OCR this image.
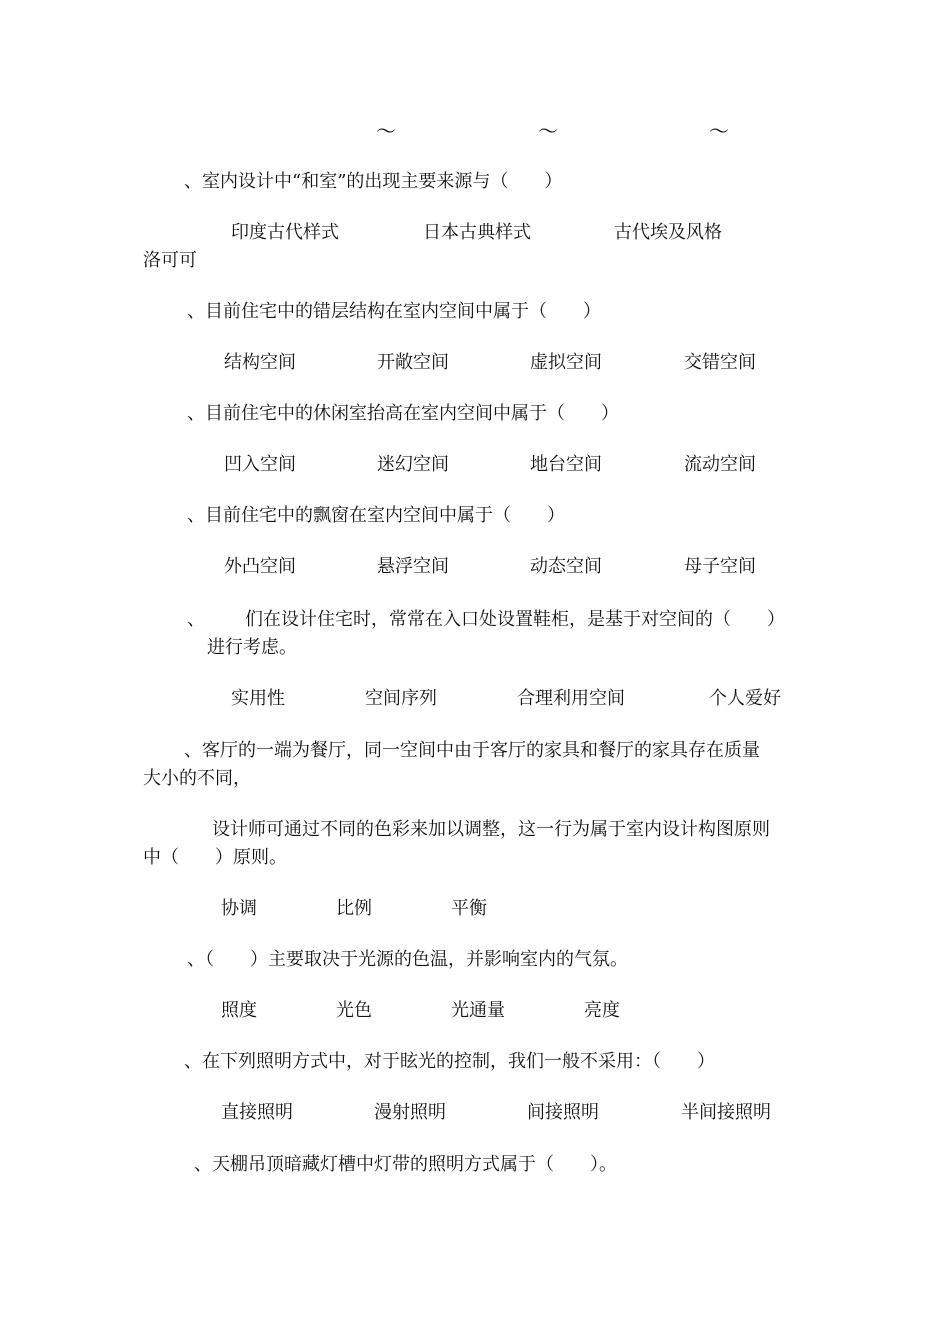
～	～	～
、室内设计中“和室”的出现主要来源与（　　）
印度古代样式	日本古典样式	古代埃及风格
洛可可
、目前住宅中的错层结构在室内空间中属于（　　）
结构空间	开敞空间	虚拟空间	交错空间
、目前住宅中的休闲室抬高在室内空间中属于（　　）
凹入空间	迷幻空间	地台空间	流动空间
、目前住宅中的飘窗在室内空间中属于（　　）
外凸空间	悬浮空间	动态空间	母子空间
、 们在设计住宅时，常常在入口处设置鞋柜，是基于对空间的（　　）
进行考虑。
实用性	空间序列	合理利用空间	个人爱好
、客厅的一端为餐厅，同一空间中由于客厅的家具和餐厅的家具存在质量
大小的不同，
设计师可通过不同的色彩来加以调整，这一行为属于室内设计构图原则
中（　　）原则。
协调	比例	平衡
、（　　）主要取决于光源的色温，并影响室内的气氛。
照度	光色	光通量	亮度
、在下列照明方式中，对于眩光的控制，我们一般不采用：（　　）
直接照明	漫射照明	间接照明	半间接照明
、天棚吊顶暗藏灯槽中灯带的照明方式属于（　　）。
